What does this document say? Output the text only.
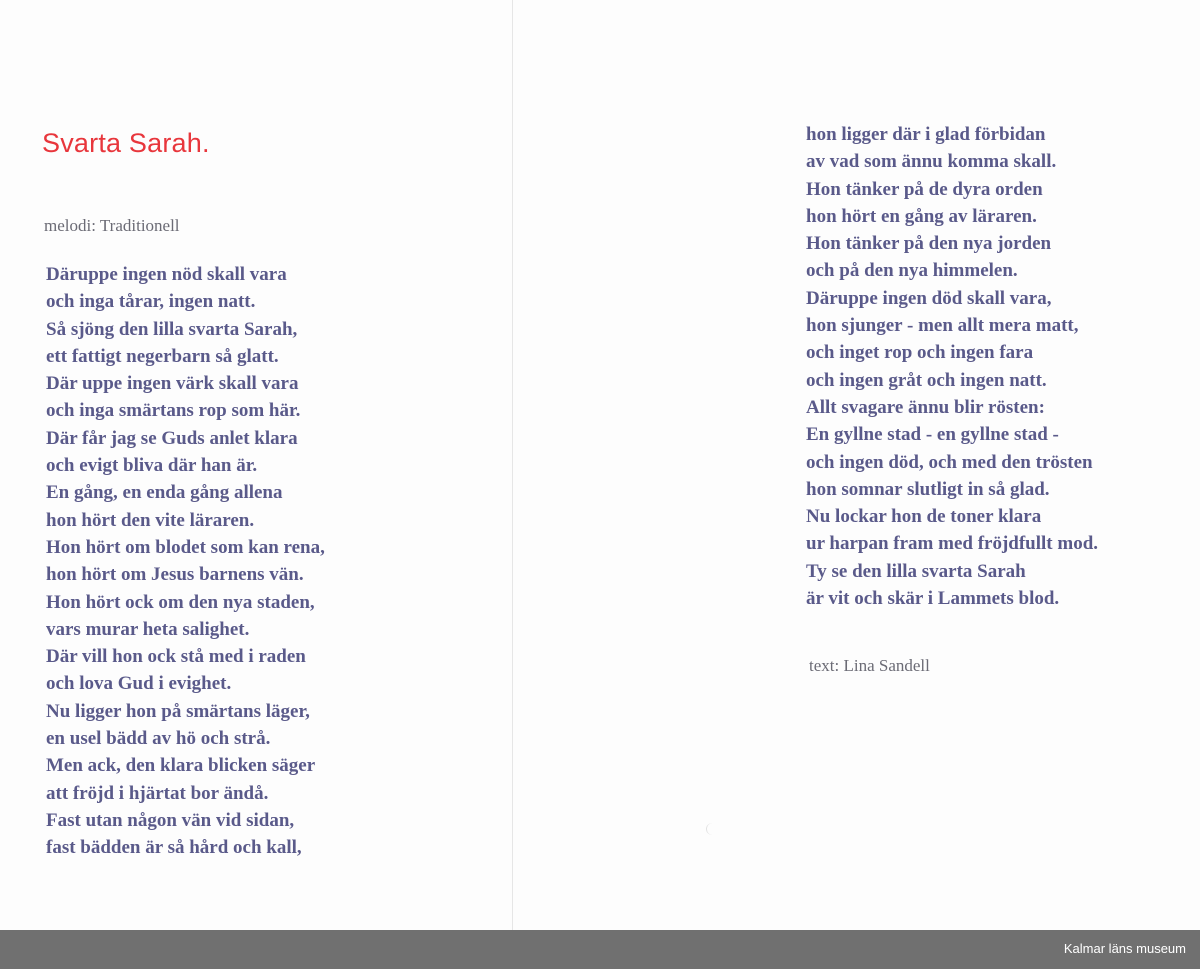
Svarta Sarah.
melodi: Traditionell
Däruppe ingen nöd skall vara
och inga tårar, ingen natt.
Så sjöng den lilla svarta Sarah,
ett fattigt negerbarn så glatt.
Där uppe ingen värk skall vara
och inga smärtans rop som här.
Där får jag se Guds anlet klara
och evigt bliva där han är.
En gång, en enda gång allena
hon hört den vite läraren.
Hon hört om blodet som kan rena,
hon hört om Jesus barnens vän.
Hon hört ock om den nya staden,
vars murar heta salighet.
Där vill hon ock stå med i raden
och lova Gud i evighet.
Nu ligger hon på smärtans läger,
en usel bädd av hö och strå.
Men ack, den klara blicken säger
att fröjd i hjärtat bor ändå.
Fast utan någon vän vid sidan,
fast bädden är så hård och kall,
hon ligger där i glad förbidan
av vad som ännu komma skall.
Hon tänker på de dyra orden
hon hört en gång av läraren.
Hon tänker på den nya jorden
och på den nya himmelen.
Däruppe ingen död skall vara,
hon sjunger - men allt mera matt,
och inget rop och ingen fara
och ingen gråt och ingen natt.
Allt svagare ännu blir rösten:
En gyllne stad - en gyllne stad -
och ingen död, och med den trösten
hon somnar slutligt in så glad.
Nu lockar hon de toner klara
ur harpan fram med fröjdfullt mod.
Ty se den lilla svarta Sarah
är vit och skär i Lammets blod.
text: Lina Sandell
Kalmar läns museum
